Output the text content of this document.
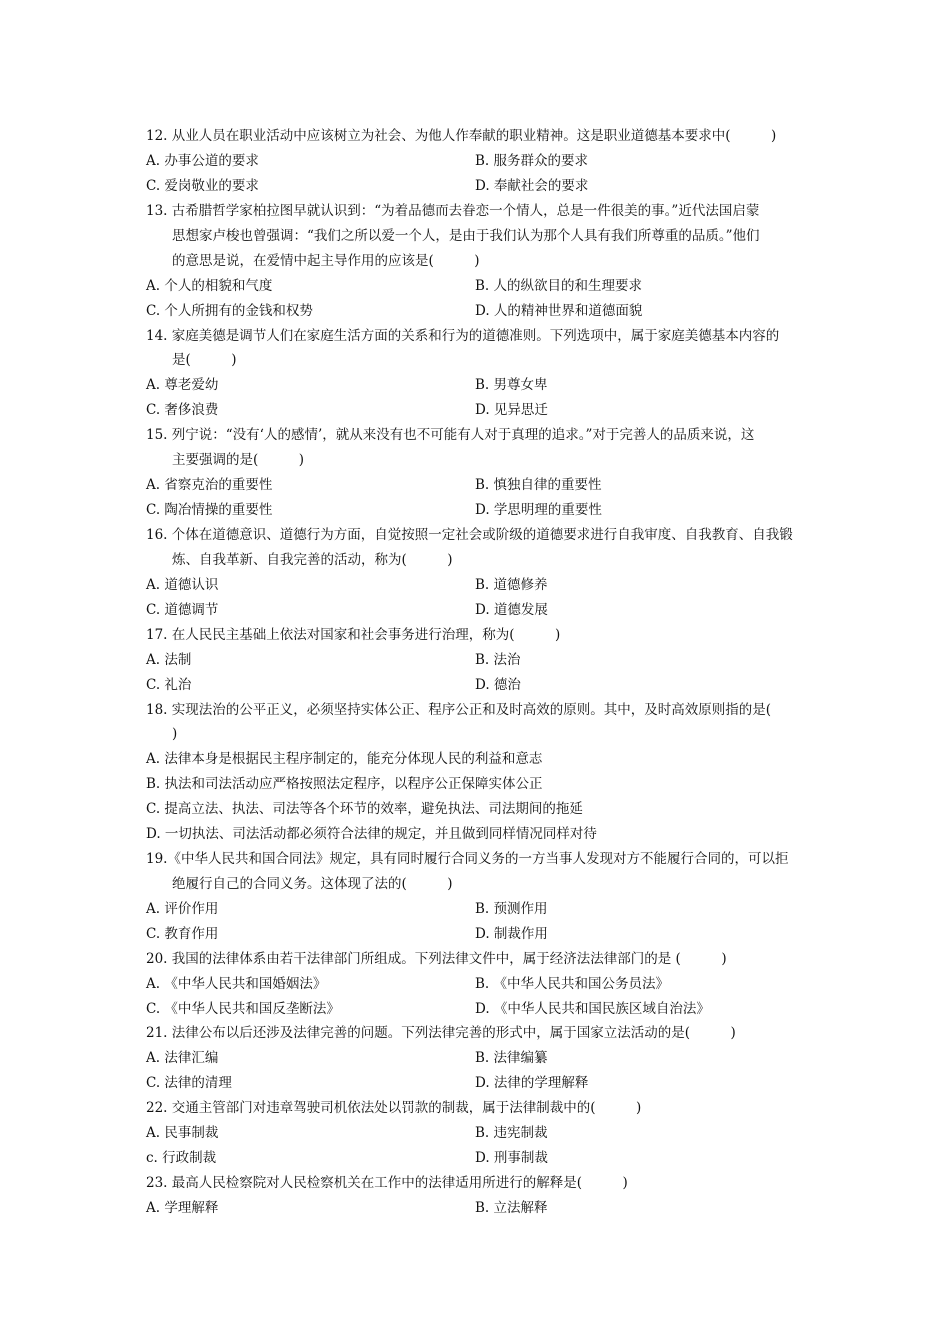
12. 从业人员在职业活动中应该树立为社会、为他人作奉献的职业精神。这是职业道德基本要求中(　　　)
A. 办事公道的要求	B. 服务群众的要求
C. 爱岗敬业的要求	D. 奉献社会的要求
13. 古希腊哲学家柏拉图早就认识到：“为着品德而去眷恋一个情人，总是一件很美的事。”近代法国启蒙
思想家卢梭也曾强调：“我们之所以爱一个人，是由于我们认为那个人具有我们所尊重的品质。”他们
的意思是说，在爱情中起主导作用的应该是(　　　)
A. 个人的相貌和气度	B. 人的纵欲目的和生理要求
C. 个人所拥有的金钱和权势	D. 人的精神世界和道德面貌
14. 家庭美德是调节人们在家庭生活方面的关系和行为的道德准则。下列选项中，属于家庭美德基本内容的
是(　　　)
A. 尊老爱幼	B. 男尊女卑
C. 奢侈浪费	D. 见异思迁
15. 列宁说：“没有‘人的感情’，就从来没有也不可能有人对于真理的追求。”对于完善人的品质来说，这
主要强调的是(　　　)
A. 省察克治的重要性	B. 慎独自律的重要性
C. 陶冶情操的重要性	D. 学思明理的重要性
16. 个体在道德意识、道德行为方面，自觉按照一定社会或阶级的道德要求进行自我审度、自我教育、自我锻
炼、自我革新、自我完善的活动，称为(　　　)
A. 道德认识	B. 道德修养
C. 道德调节	D. 道德发展
17. 在人民民主基础上依法对国家和社会事务进行治理，称为(　　　)
A. 法制	B. 法治
C. 礼治	D. 德治
18. 实现法治的公平正义，必须坚持实体公正、程序公正和及时高效的原则。其中，及时高效原则指的是(
)
A. 法律本身是根据民主程序制定的，能充分体现人民的利益和意志
B. 执法和司法活动应严格按照法定程序，以程序公正保障实体公正
C. 提高立法、执法、司法等各个环节的效率，避免执法、司法期间的拖延
D. 一切执法、司法活动都必须符合法律的规定，并且做到同样情况同样对待
19.《中华人民共和国合同法》规定，具有同时履行合同义务的一方当事人发现对方不能履行合同的，可以拒
绝履行自己的合同义务。这体现了法的(　　　)
A. 评价作用	B. 预测作用
C. 教育作用	D. 制裁作用
20. 我国的法律体系由若干法律部门所组成。下列法律文件中，属于经济法法律部门的是 (　　　)
A. 《中华人民共和国婚姻法》	B. 《中华人民共和国公务员法》
C. 《中华人民共和国反垄断法》	D. 《中华人民共和国民族区域自治法》
21. 法律公布以后还涉及法律完善的问题。下列法律完善的形式中，属于国家立法活动的是(　　　)
A. 法律汇编	B. 法律编纂
C. 法律的清理	D. 法律的学理解释
22. 交通主管部门对违章驾驶司机依法处以罚款的制裁，属于法律制裁中的(　　　)
A. 民事制裁	B. 违宪制裁
c. 行政制裁	D. 刑事制裁
23. 最高人民检察院对人民检察机关在工作中的法律适用所进行的解释是(　　　)
A. 学理解释	B. 立法解释
